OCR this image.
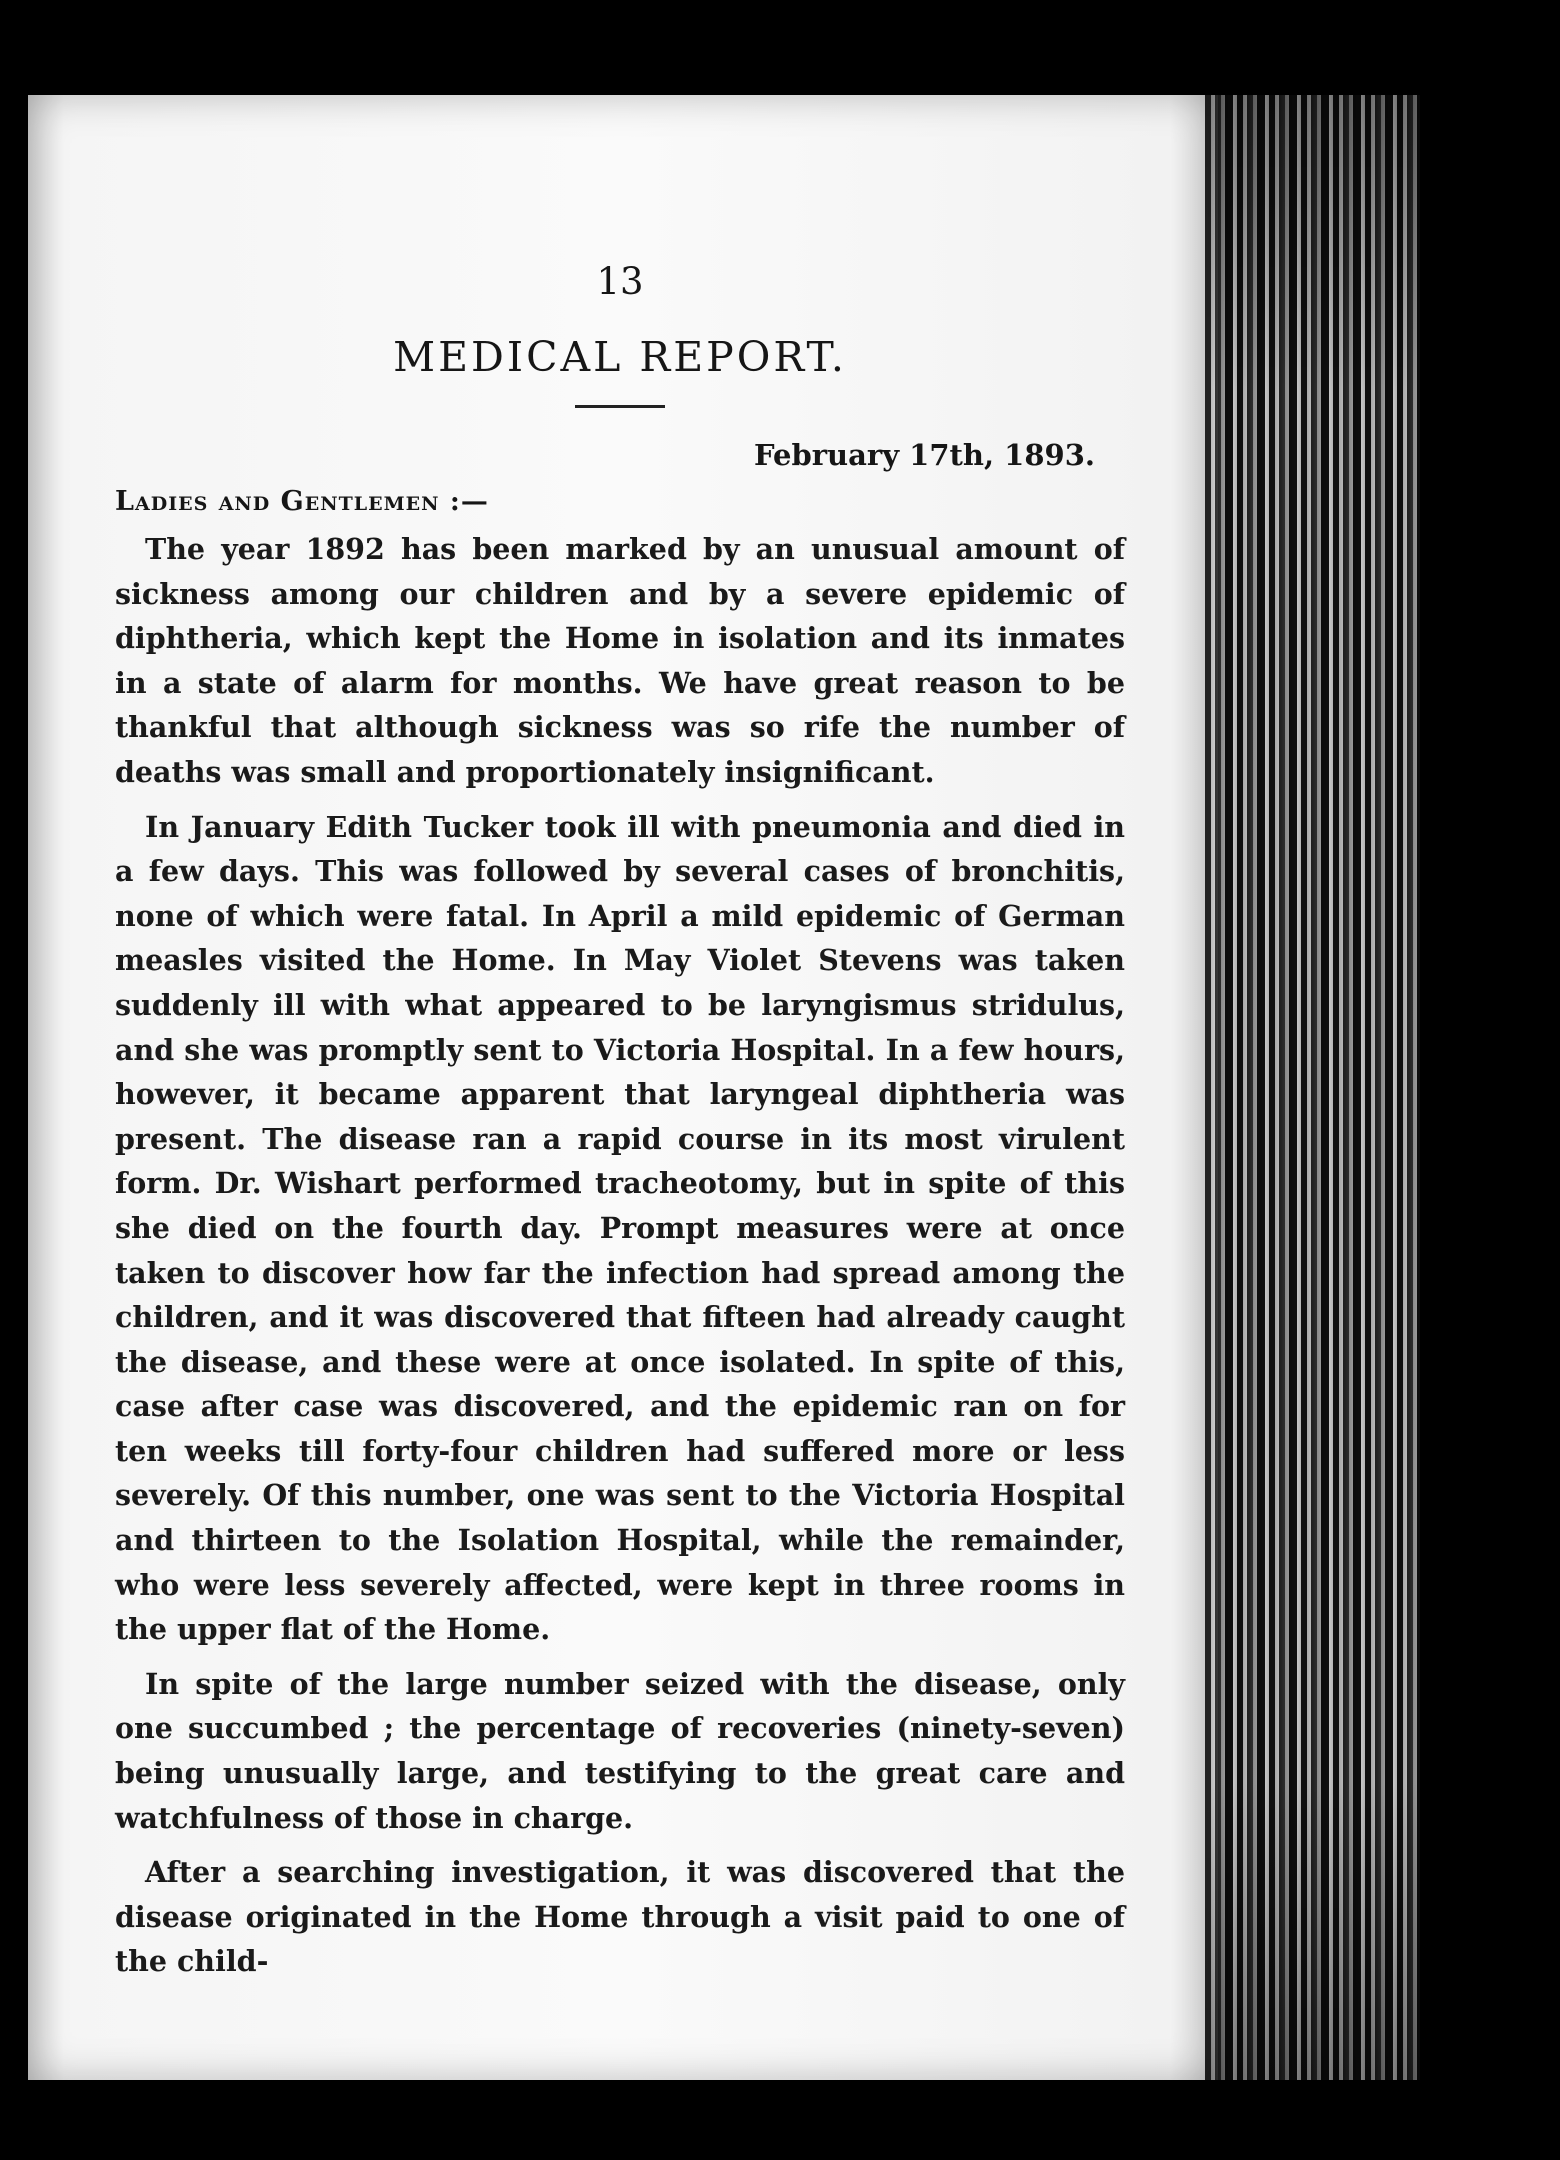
13
MEDICAL REPORT.
February 17th, 1893.
Ladies and Gentlemen :—

The year 1892 has been marked by an unusual amount of sickness among our children and by a severe epidemic of diphtheria, which kept the Home in isolation and its inmates in a state of alarm for months. We have great reason to be thankful that although sickness was so rife the number of deaths was small and proportionately insignificant.

In January Edith Tucker took ill with pneumonia and died in a few days. This was followed by several cases of bronchitis, none of which were fatal. In April a mild epidemic of German measles visited the Home. In May Violet Stevens was taken suddenly ill with what appeared to be laryngismus stridulus, and she was promptly sent to Victoria Hospital. In a few hours, however, it became apparent that laryngeal diphtheria was present. The disease ran a rapid course in its most virulent form. Dr. Wishart performed tracheotomy, but in spite of this she died on the fourth day. Prompt measures were at once taken to discover how far the infection had spread among the children, and it was discovered that fifteen had already caught the disease, and these were at once isolated. In spite of this, case after case was discovered, and the epidemic ran on for ten weeks till forty-four children had suffered more or less severely. Of this number, one was sent to the Victoria Hospital and thirteen to the Isolation Hospital, while the remainder, who were less severely affected, were kept in three rooms in the upper flat of the Home.

In spite of the large number seized with the disease, only one succumbed ; the percentage of recoveries (ninety-seven) being unusually large, and testifying to the great care and watchfulness of those in charge.

After a searching investigation, it was discovered that the disease originated in the Home through a visit paid to one of the child-
